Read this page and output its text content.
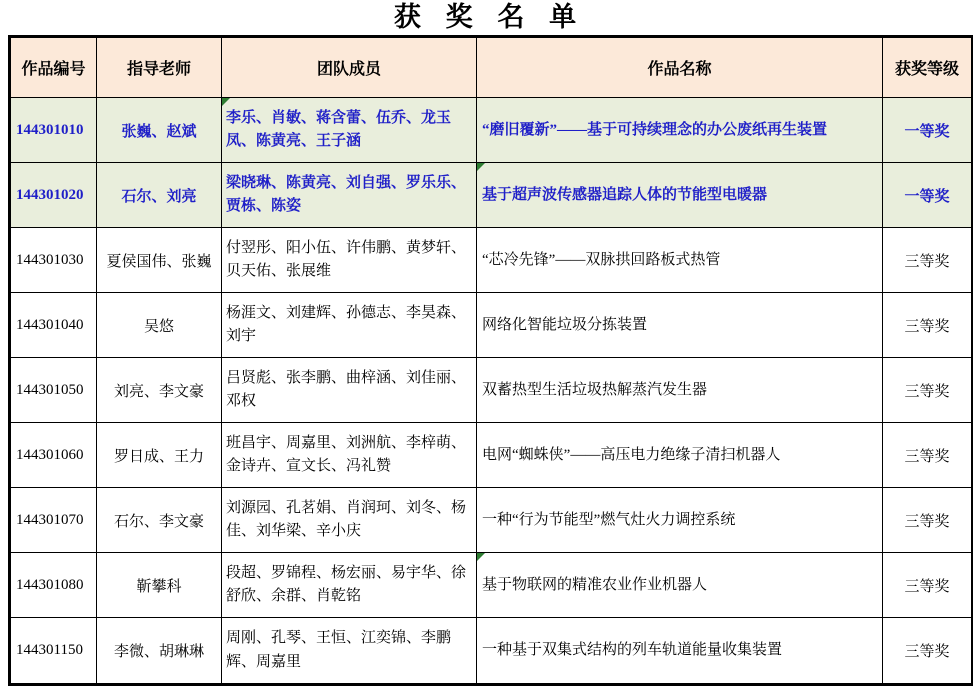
获 奖 名 单
作品编号	指导老师	团队成员	作品名称	获奖等级
144301010	张巍、赵斌	李乐、肖敏、蒋含蕾、伍乔、龙玉凤、陈黄亮、王子涵	“磨旧覆新”——基于可持续理念的办公废纸再生装置	一等奖
144301020	石尔、刘亮	梁晓琳、陈黄亮、刘自强、罗乐乐、贾栋、陈姿	基于超声波传感器追踪人体的节能型电暖器	一等奖
144301030	夏侯国伟、张巍	付翌彤、阳小伍、许伟鹏、黄梦轩、贝天佑、张展维	“芯冷先锋”——双脉拱回路板式热管	三等奖
144301040	吴悠	杨涯文、刘建辉、孙德志、李昊森、刘宇	网络化智能垃圾分拣装置	三等奖
144301050	刘亮、李文豪	吕贤彪、张李鹏、曲梓涵、刘佳丽、邓权	双蓄热型生活垃圾热解蒸汽发生器	三等奖
144301060	罗日成、王力	班昌宇、周嘉里、刘洲航、李梓萌、金诗卉、宣文长、冯礼赞	电网“蜘蛛侠”——高压电力绝缘子清扫机器人	三等奖
144301070	石尔、李文豪	刘源园、孔茗娟、肖润珂、刘冬、杨佳、刘华梁、辛小庆	一种“行为节能型”燃气灶火力调控系统	三等奖
144301080	靳攀科	段超、罗锦程、杨宏丽、易宇华、徐舒欣、余群、肖乾铭	基于物联网的精准农业作业机器人	三等奖
144301150	李微、胡琳琳	周刚、孔琴、王恒、江奕锦、李鹏辉、周嘉里	一种基于双集式结构的列车轨道能量收集装置	三等奖
